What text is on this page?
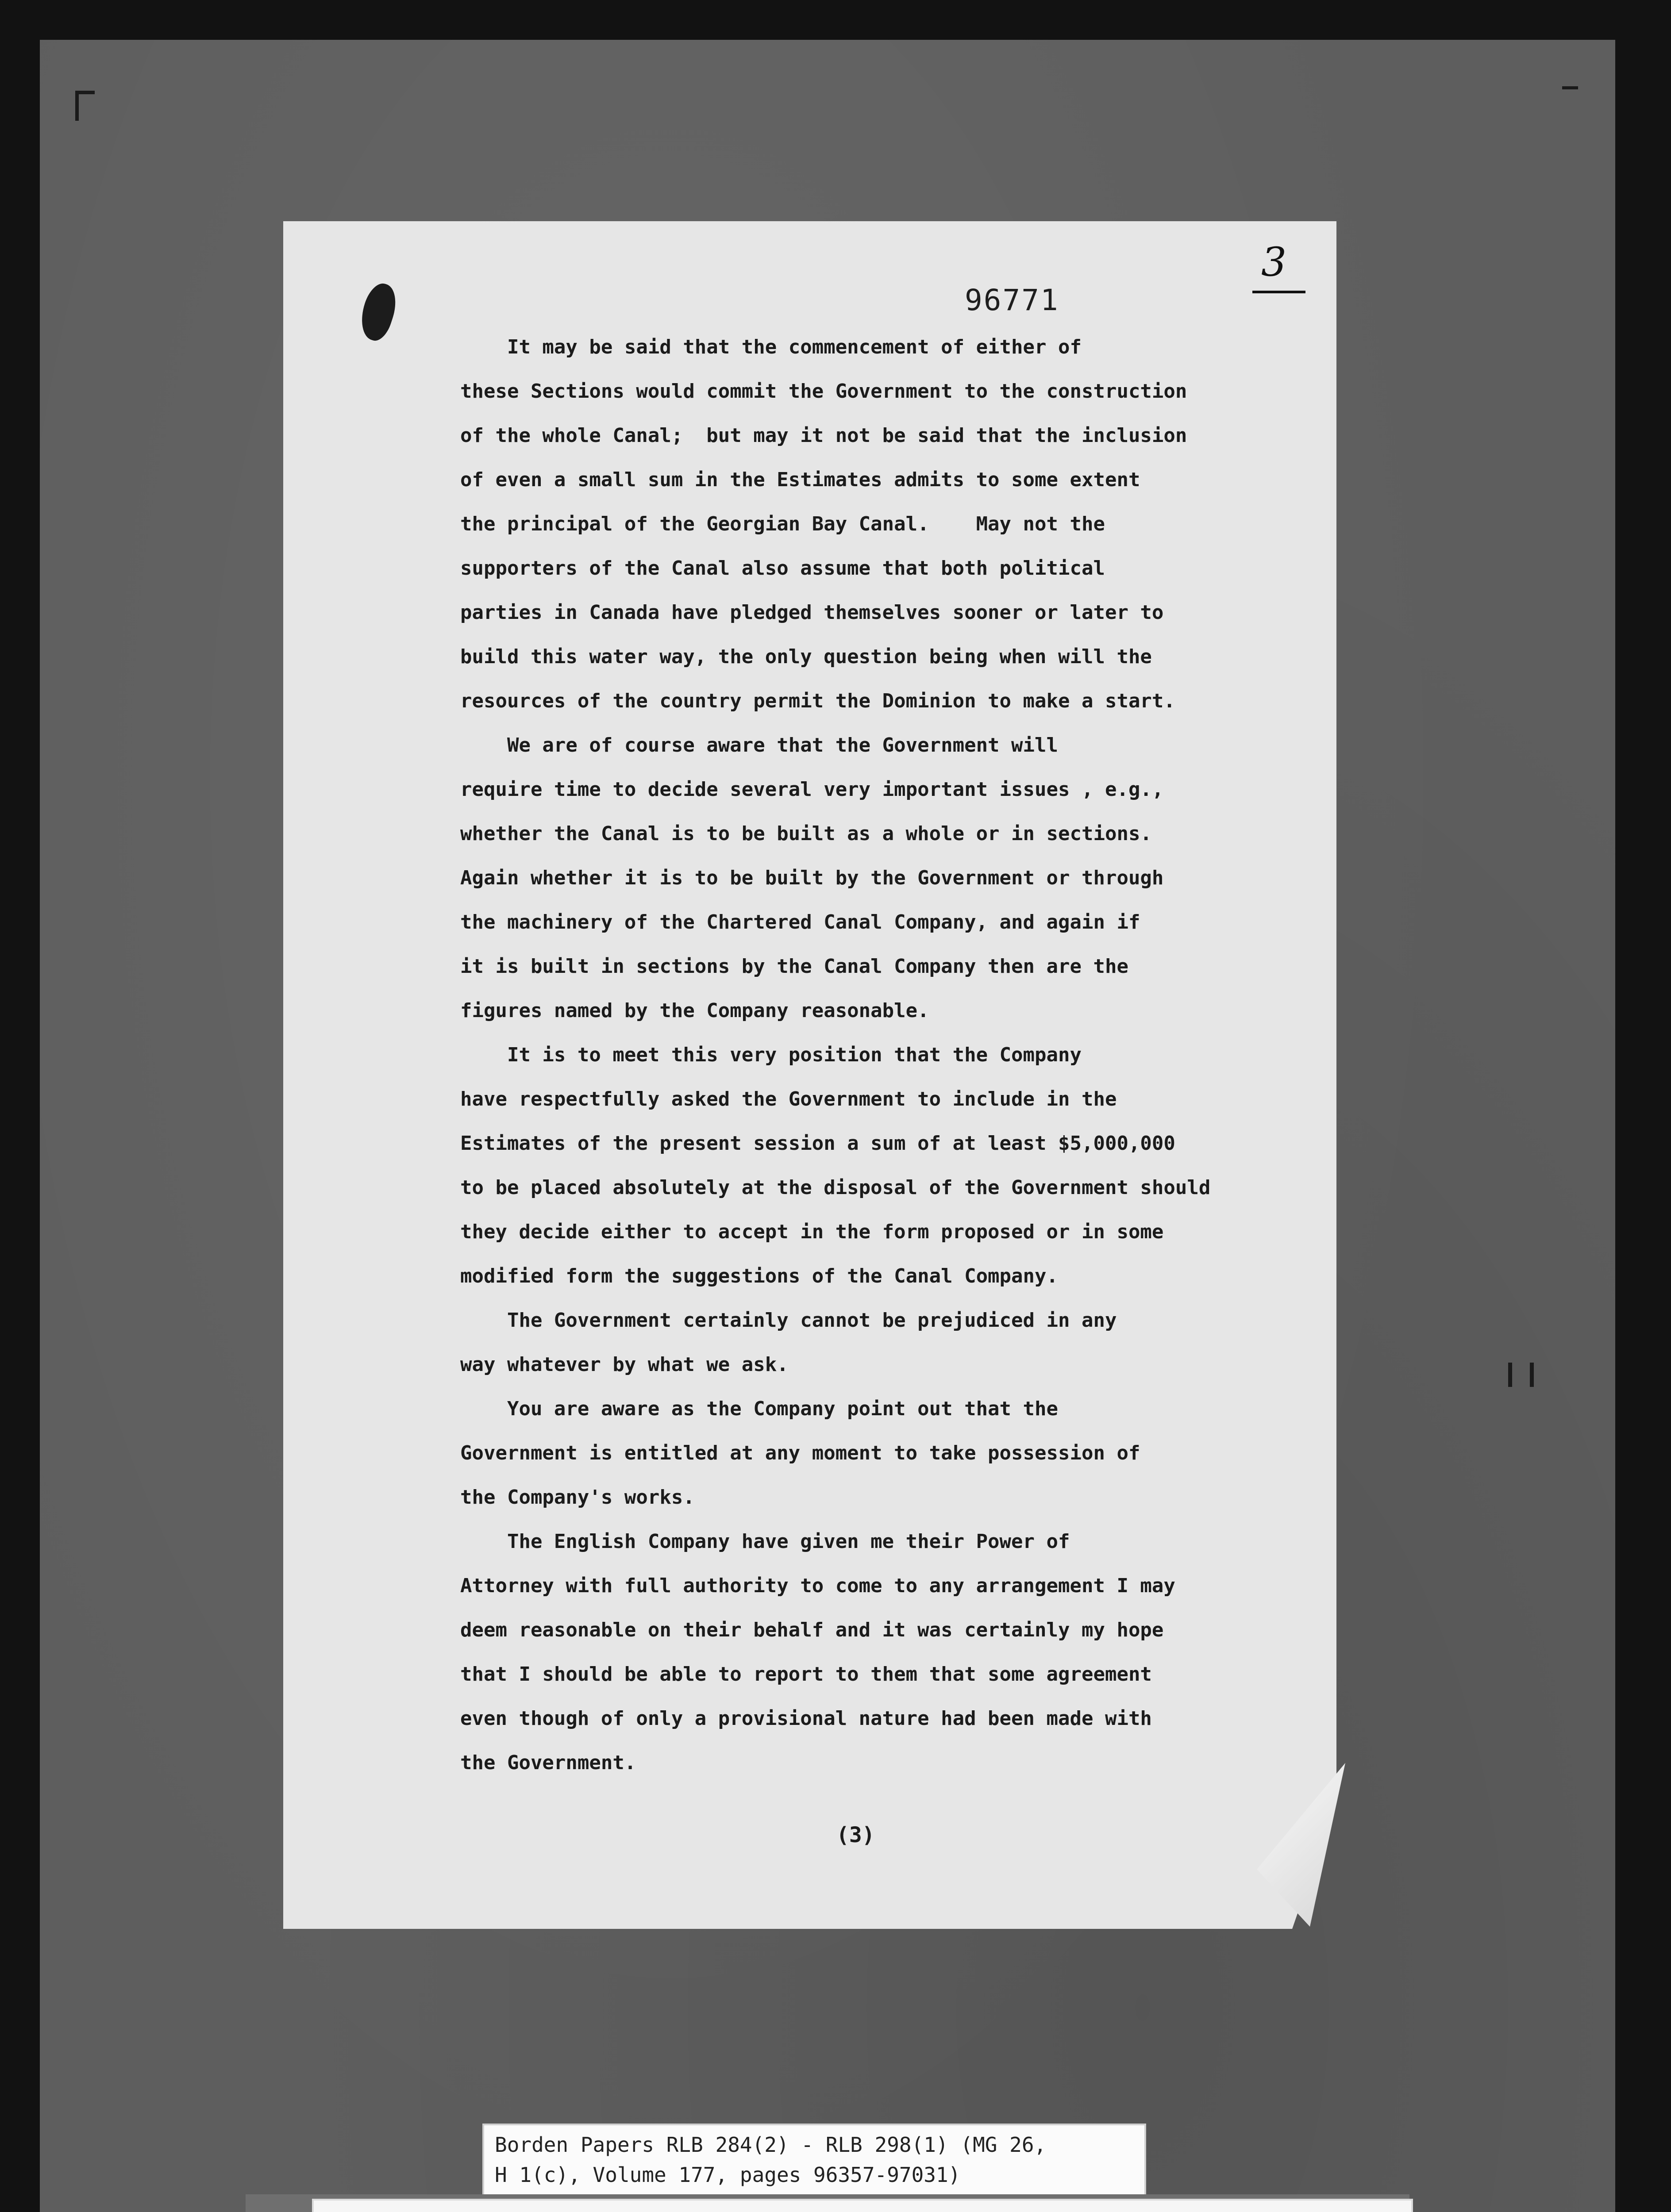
3
96771
It may be said that the commencement of either of
these Sections would commit the Government to the construction
of the whole Canal;  but may it not be said that the inclusion
of even a small sum in the Estimates admits to some extent
the principal of the Georgian Bay Canal.    May not the
supporters of the Canal also assume that both political
parties in Canada have pledged themselves sooner or later to
build this water way, the only question being when will the
resources of the country permit the Dominion to make a start.
We are of course aware that the Government will
require time to decide several very important issues , e.g.,
whether the Canal is to be built as a whole or in sections.
Again whether it is to be built by the Government or through
the machinery of the Chartered Canal Company, and again if
it is built in sections by the Canal Company then are the
figures named by the Company reasonable.
It is to meet this very position that the Company
have respectfully asked the Government to include in the
Estimates of the present session a sum of at least $5,000,000
to be placed absolutely at the disposal of the Government should
they decide either to accept in the form proposed or in some
modified form the suggestions of the Canal Company.
The Government certainly cannot be prejudiced in any
way whatever by what we ask.
You are aware as the Company point out that the
Government is entitled at any moment to take possession of
the Company's works.
The English Company have given me their Power of
Attorney with full authority to come to any arrangement I may
deem reasonable on their behalf and it was certainly my hope
that I should be able to report to them that some agreement
even though of only a provisional nature had been made with
the Government.
(3)
Borden Papers RLB 284(2) - RLB 298(1) (MG 26,
H 1(c), Volume 177, pages 96357-97031)
